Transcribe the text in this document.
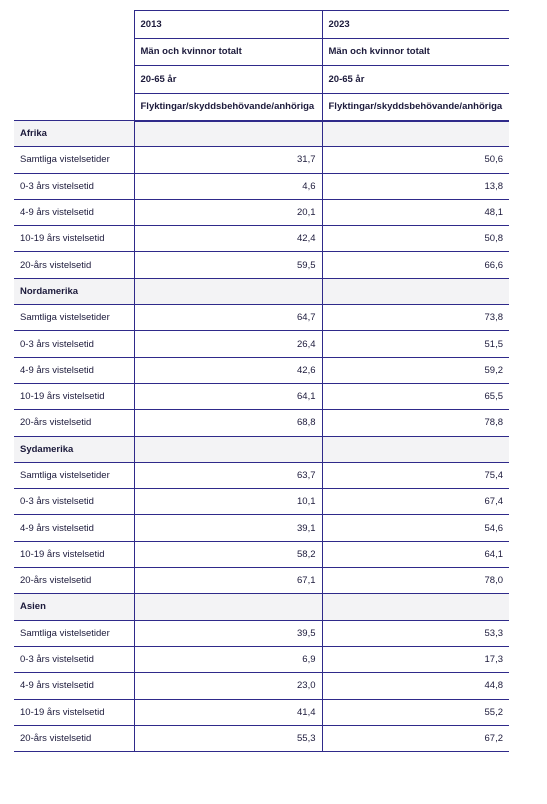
	2013	2023
	Män och kvinnor totalt	Män och kvinnor totalt
	20-65 år	20-65 år
	Flyktingar/skyddsbehövande/anhöriga	Flyktingar/skyddsbehövande/anhöriga
Afrika		
Samtliga vistelsetider	31,7	50,6
0-3 års vistelsetid	4,6	13,8
4-9 års vistelsetid	20,1	48,1
10-19 års vistelsetid	42,4	50,8
20-års vistelsetid	59,5	66,6
Nordamerika		
Samtliga vistelsetider	64,7	73,8
0-3 års vistelsetid	26,4	51,5
4-9 års vistelsetid	42,6	59,2
10-19 års vistelsetid	64,1	65,5
20-års vistelsetid	68,8	78,8
Sydamerika		
Samtliga vistelsetider	63,7	75,4
0-3 års vistelsetid	10,1	67,4
4-9 års vistelsetid	39,1	54,6
10-19 års vistelsetid	58,2	64,1
20-års vistelsetid	67,1	78,0
Asien		
Samtliga vistelsetider	39,5	53,3
0-3 års vistelsetid	6,9	17,3
4-9 års vistelsetid	23,0	44,8
10-19 års vistelsetid	41,4	55,2
20-års vistelsetid	55,3	67,2
